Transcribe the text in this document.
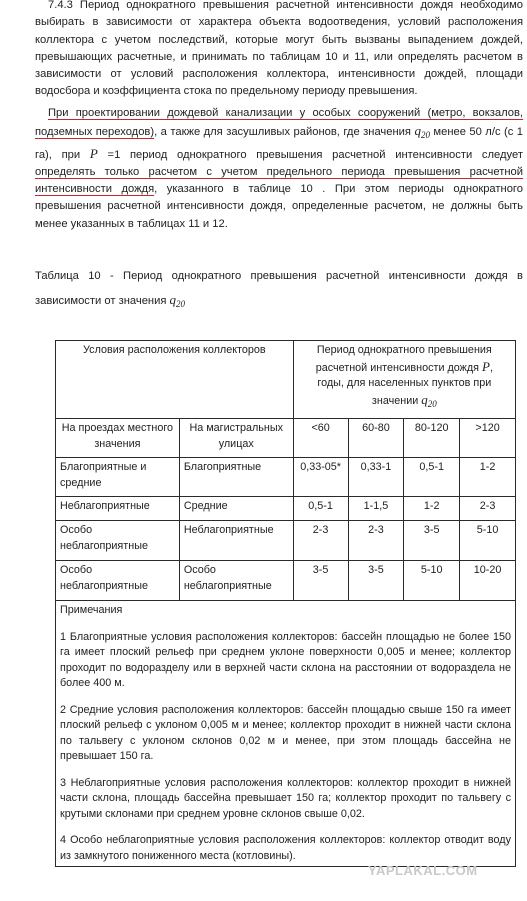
7.4.3 Период однократного превышения расчетной интенсивности дождя необходимо выбирать в зависимости от характера объекта водоотведения, условий расположения коллектора с учетом последствий, которые могут быть вызваны выпадением дождей, превышающих расчетные, и принимать по таблицам 10 и 11, или определять расчетом в зависимости от условий расположения коллектора, интенсивности дождей, площади водосбора и коэффициента стока по предельному периоду превышения.
При проектировании дождевой канализации у особых сооружений (метро, вокзалов, подземных переходов), а также для засушливых районов, где значения $q_{20}$ менее 50 л/с (с 1 га), при P =1 период однократного превышения расчетной интенсивности следует определять только расчетом с учетом предельного периода превышения расчетной интенсивности дождя, указанного в таблице 10 . При этом периоды однократного превышения расчетной интенсивности дождя, определенные расчетом, не должны быть менее указанных в таблицах 11 и 12.
Таблица 10 - Период однократного превышения расчетной интенсивности дождя в зависимости от значения $q_{20}$
Условия расположения коллекторов		Период однократного превышения расчетной интенсивности дождя P, годы, для населенных пунктов при значении $q_{20}$
На проездах местного значения	На магистральных улицах	<60	60-80	80-120	>120
Благоприятные и средние	Благоприятные	0,33-05*	0,33-1	0,5-1	1-2
Неблагоприятные	Средние	0,5-1	1-1,5	1-2	2-3
Особо неблагоприятные	Неблагоприятные	2-3	2-3	3-5	5-10
Особо неблагоприятные	Особо неблагоприятные	3-5	3-5	5-10	10-20

Примечания

1 Благоприятные условия расположения коллекторов: бассейн площадью не более 150 га имеет плоский рельеф при среднем уклоне поверхности 0,005 и менее; коллектор проходит по водоразделу или в верхней части склона на расстоянии от водораздела не более 400 м.

2 Средние условия расположения коллекторов: бассейн площадью свыше 150 га имеет плоский рельеф с уклоном 0,005 м и менее; коллектор проходит в нижней части склона по тальвегу с уклоном склонов 0,02 м и менее, при этом площадь бассейна не превышает 150 га.

3 Неблагоприятные условия расположения коллекторов: коллектор проходит в нижней части склона, площадь бассейна превышает 150 га; коллектор проходит по тальвегу с крутыми склонами при среднем уровне склонов свыше 0,02.

4 Особо неблагоприятные условия расположения коллекторов: коллектор отводит воду из замкнутого пониженного места (котловины).					

YAPLAKAL.COM
